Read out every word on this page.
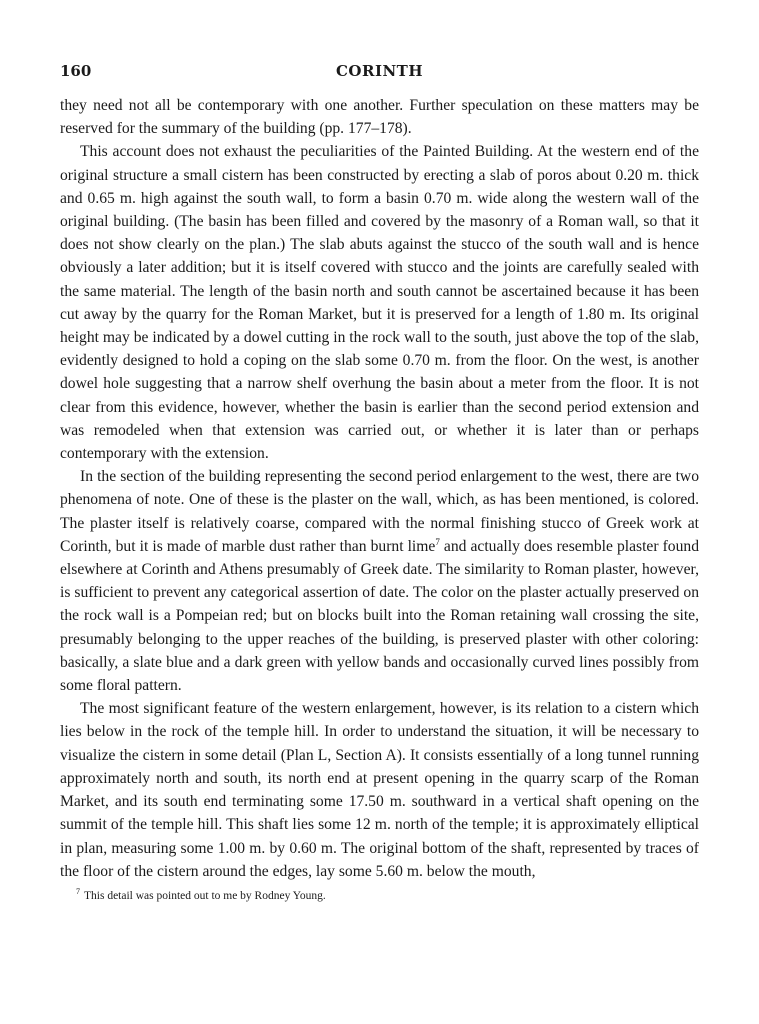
160	CORINTH

they need not all be contemporary with one another. Further speculation on these matters may be reserved for the summary of the building (pp. 177–178).

This account does not exhaust the peculiarities of the Painted Building. At the western end of the original structure a small cistern has been constructed by erecting a slab of poros about 0.20 m. thick and 0.65 m. high against the south wall, to form a basin 0.70 m. wide along the western wall of the original building. (The basin has been filled and covered by the masonry of a Roman wall, so that it does not show clearly on the plan.) The slab abuts against the stucco of the south wall and is hence obviously a later addition; but it is itself covered with stucco and the joints are carefully sealed with the same material. The length of the basin north and south cannot be ascertained because it has been cut away by the quarry for the Roman Market, but it is preserved for a length of 1.80 m. Its original height may be indicated by a dowel cutting in the rock wall to the south, just above the top of the slab, evidently designed to hold a coping on the slab some 0.70 m. from the floor. On the west, is another dowel hole suggesting that a narrow shelf overhung the basin about a meter from the floor. It is not clear from this evidence, however, whether the basin is earlier than the second period extension and was remodeled when that extension was carried out, or whether it is later than or perhaps contemporary with the extension.

In the section of the building representing the second period enlargement to the west, there are two phenomena of note. One of these is the plaster on the wall, which, as has been mentioned, is colored. The plaster itself is relatively coarse, compared with the normal finishing stucco of Greek work at Corinth, but it is made of marble dust rather than burnt lime$^7$ and actually does resemble plaster found elsewhere at Corinth and Athens presumably of Greek date. The similarity to Roman plaster, however, is sufficient to prevent any categorical assertion of date. The color on the plaster actually preserved on the rock wall is a Pompeian red; but on blocks built into the Roman retaining wall crossing the site, presumably belonging to the upper reaches of the building, is preserved plaster with other coloring: basically, a slate blue and a dark green with yellow bands and occasionally curved lines possibly from some floral pattern.

The most significant feature of the western enlargement, however, is its relation to a cistern which lies below in the rock of the temple hill. In order to understand the situation, it will be necessary to visualize the cistern in some detail (Plan L, Section A). It consists essentially of a long tunnel running approximately north and south, its north end at present opening in the quarry scarp of the Roman Market, and its south end terminating some 17.50 m. southward in a vertical shaft opening on the summit of the temple hill. This shaft lies some 12 m. north of the temple; it is approximately elliptical in plan, measuring some 1.00 m. by 0.60 m. The original bottom of the shaft, represented by traces of the floor of the cistern around the edges, lay some 5.60 m. below the mouth,

$^7$ This detail was pointed out to me by Rodney Young.
